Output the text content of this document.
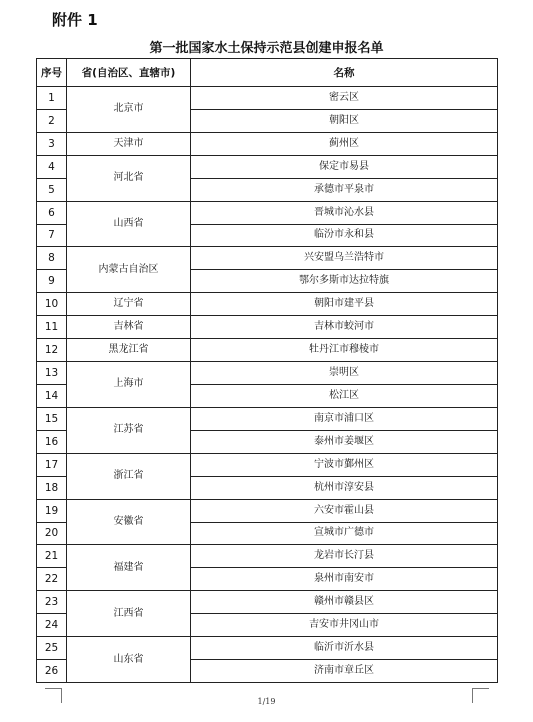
附件 1
第一批国家水土保持示范县创建申报名单
序号	省(自治区、直辖市)	名称
1	北京市	密云区
2		朝阳区
3	天津市	蓟州区
4	河北省	保定市易县
5		承德市平泉市
6	山西省	晋城市沁水县
7		临汾市永和县
8	内蒙古自治区	兴安盟乌兰浩特市
9		鄂尔多斯市达拉特旗
10	辽宁省	朝阳市建平县
11	吉林省	吉林市蛟河市
12	黑龙江省	牡丹江市穆棱市
13	上海市	崇明区
14		松江区
15	江苏省	南京市浦口区
16		泰州市姜堰区
17	浙江省	宁波市鄞州区
18		杭州市淳安县
19	安徽省	六安市霍山县
20		宣城市广德市
21	福建省	龙岩市长汀县
22		泉州市南安市
23	江西省	赣州市赣县区
24		吉安市井冈山市
25	山东省	临沂市沂水县
26		济南市章丘区
1/19
